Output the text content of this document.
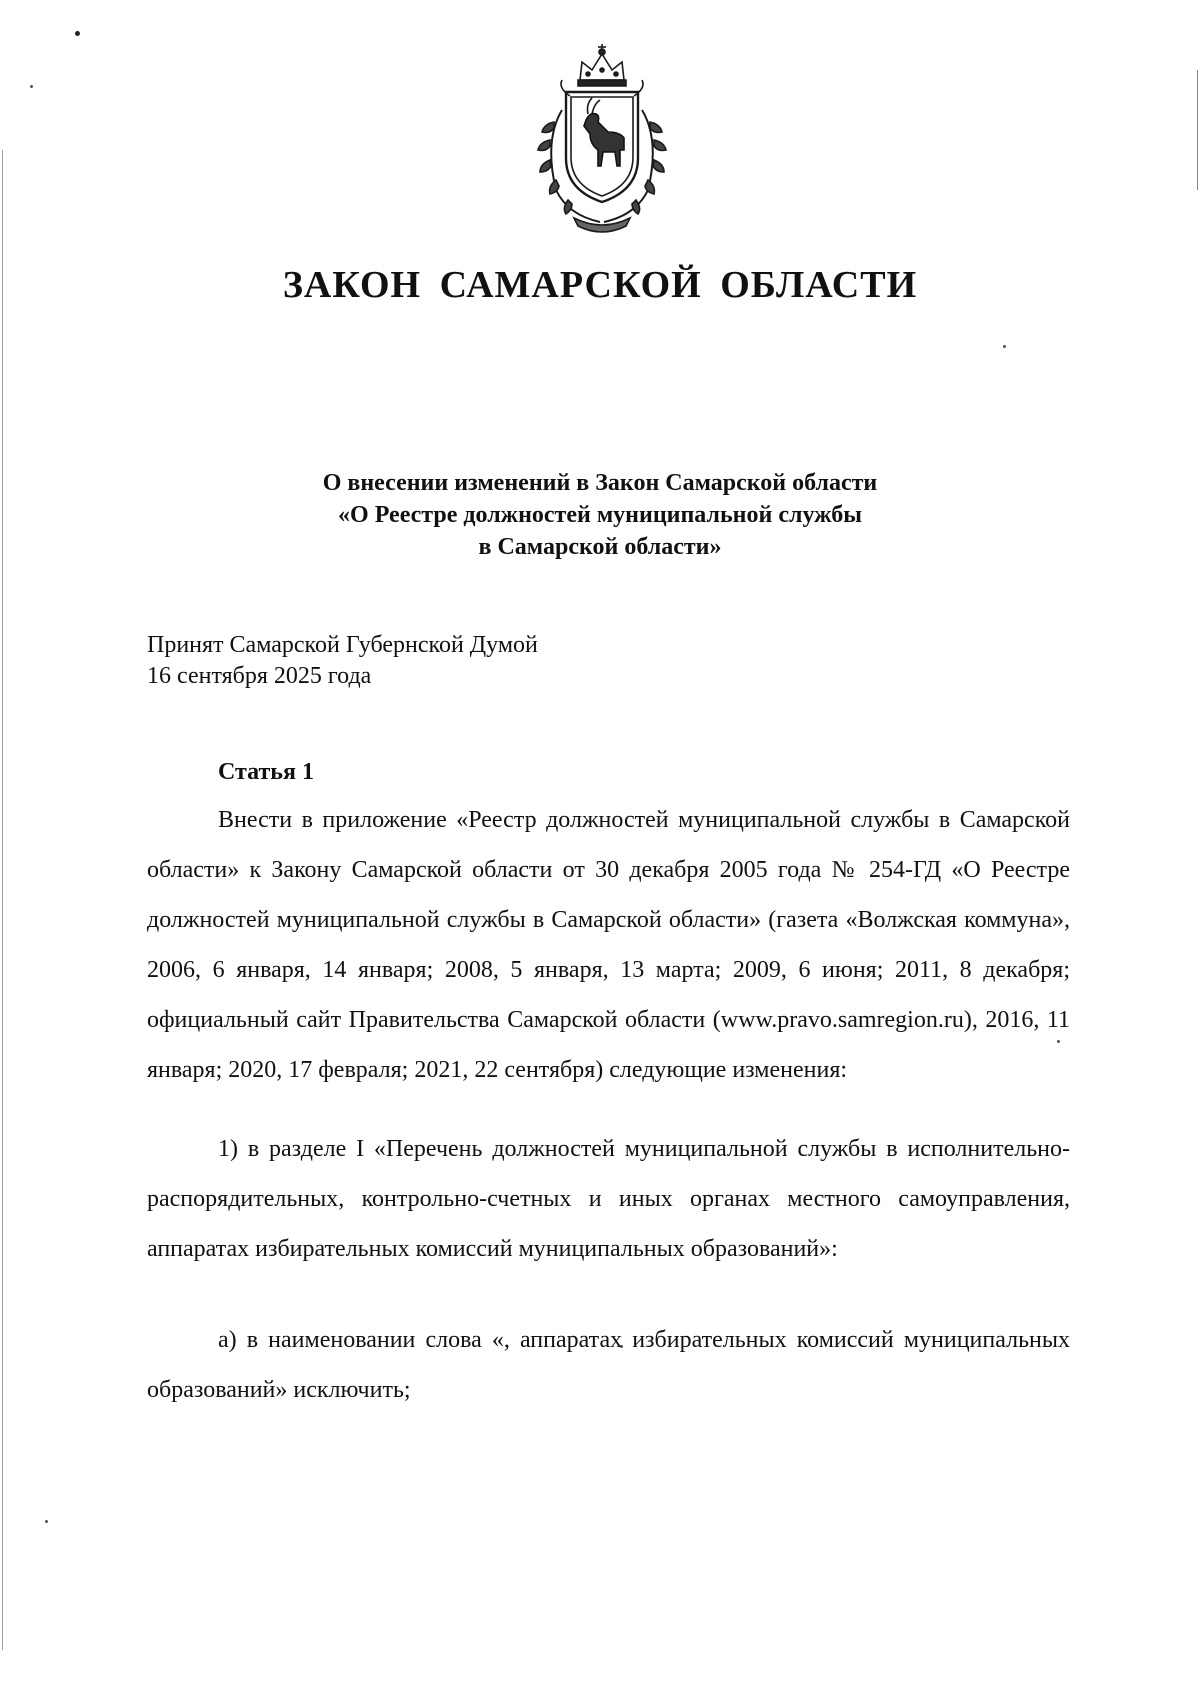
ЗАКОН САМАРСКОЙ ОБЛАСТИ
О внесении изменений в Закон Самарской области
«О Реестре должностей муниципальной службы
в Самарской области»
Принят Самарской Губернской Думой
16 сентября 2025 года
Статья 1

Внести в приложение «Реестр должностей муниципальной службы в Самарской области» к Закону Самарской области от 30 декабря 2005 года № 254-ГД «О Реестре должностей муниципальной службы в Самарской области» (газета «Волжская коммуна», 2006, 6 января, 14 января; 2008, 5 января, 13 марта; 2009, 6 июня; 2011, 8 декабря; официальный сайт Правительства Самарской области (www.pravo.samregion.ru), 2016, 11 января; 2020, 17 февраля; 2021, 22 сентября) следующие изменения:

1) в разделе I «Перечень должностей муниципальной службы в исполнительно-распорядительных, контрольно-счетных и иных органах местного самоуправления, аппаратах избирательных комиссий муниципальных образований»:

а) в наименовании слова «, аппаратах избирательных комиссий муниципальных образований» исключить;
